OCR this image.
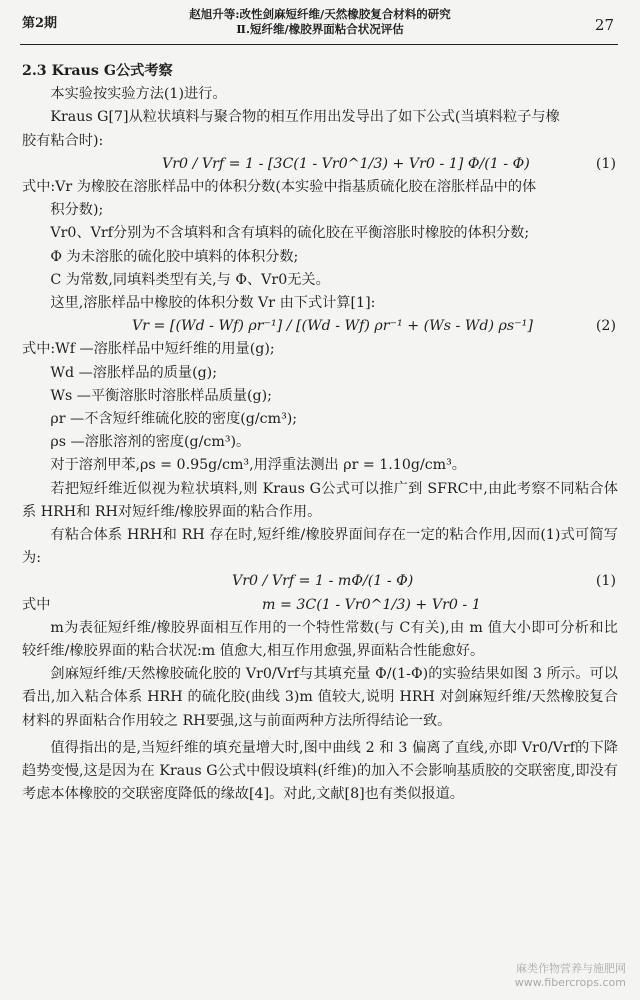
第2期
赵旭升等:改性剑麻短纤维/天然橡胶复合材料的研究
Ⅱ.短纤维/橡胶界面粘合状况评估	27

2.3 Kraus G公式考察

本实验按实验方法(1)进行。

Kraus G[7]从粒状填料与聚合物的相互作用出发导出了如下公式(当填料粒子与橡

胶有粘合时):

Vr0 / Vrf = 1 - [3C(1 - Vr0^1/3) + Vr0 - 1] Φ/(1 - Φ)	(1)

式中:Vr 为橡胶在溶胀样品中的体积分数(本实验中指基质硫化胶在溶胀样品中的体

积分数);

Vr0、Vrf分别为不含填料和含有填料的硫化胶在平衡溶胀时橡胶的体积分数;

Φ 为未溶胀的硫化胶中填料的体积分数;

C 为常数,同填料类型有关,与 Φ、Vr0无关。

这里,溶胀样品中橡胶的体积分数 Vr 由下式计算[1]:

Vr = [(Wd - Wf) ρr⁻¹] / [(Wd - Wf) ρr⁻¹ + (Ws - Wd) ρs⁻¹]	(2)

式中:Wf —溶胀样品中短纤维的用量(g);

Wd —溶胀样品的质量(g);

Ws —平衡溶胀时溶胀样品质量(g);

ρr —不含短纤维硫化胶的密度(g/cm³);

ρs —溶胀溶剂的密度(g/cm³)。

对于溶剂甲苯,ρs = 0.95g/cm³,用浮重法测出 ρr = 1.10g/cm³。

若把短纤维近似视为粒状填料,则 Kraus G公式可以推广到 SFRC中,由此考察不同粘合体系 HRH和 RH对短纤维/橡胶界面的粘合作用。

有粘合体系 HRH和 RH 存在时,短纤维/橡胶界面间存在一定的粘合作用,因而(1)式可简写为:

Vr0 / Vrf = 1 - mΦ/(1 - Φ)	(1)
式中	m = 3C(1 - Vr0^1/3) + Vr0 - 1

m为表征短纤维/橡胶界面相互作用的一个特性常数(与 C有关),由 m 值大小即可分析和比较纤维/橡胶界面的粘合状况:m 值愈大,相互作用愈强,界面粘合性能愈好。

剑麻短纤维/天然橡胶硫化胶的 Vr0/Vrf与其填充量 Φ/(1-Φ)的实验结果如图 3 所示。可以看出,加入粘合体系 HRH 的硫化胶(曲线 3)m 值较大,说明 HRH 对剑麻短纤维/天然橡胶复合材料的界面粘合作用较之 RH要强,这与前面两种方法所得结论一致。

值得指出的是,当短纤维的填充量增大时,图中曲线 2 和 3 偏离了直线,亦即 Vr0/Vrf的下降趋势变慢,这是因为在 Kraus G公式中假设填料(纤维)的加入不会影响基质胶的交联密度,即没有考虑本体橡胶的交联密度降低的缘故[4]。对此,文献[8]也有类似报道。

麻类作物营养与施肥网
www.fibercrops.com
